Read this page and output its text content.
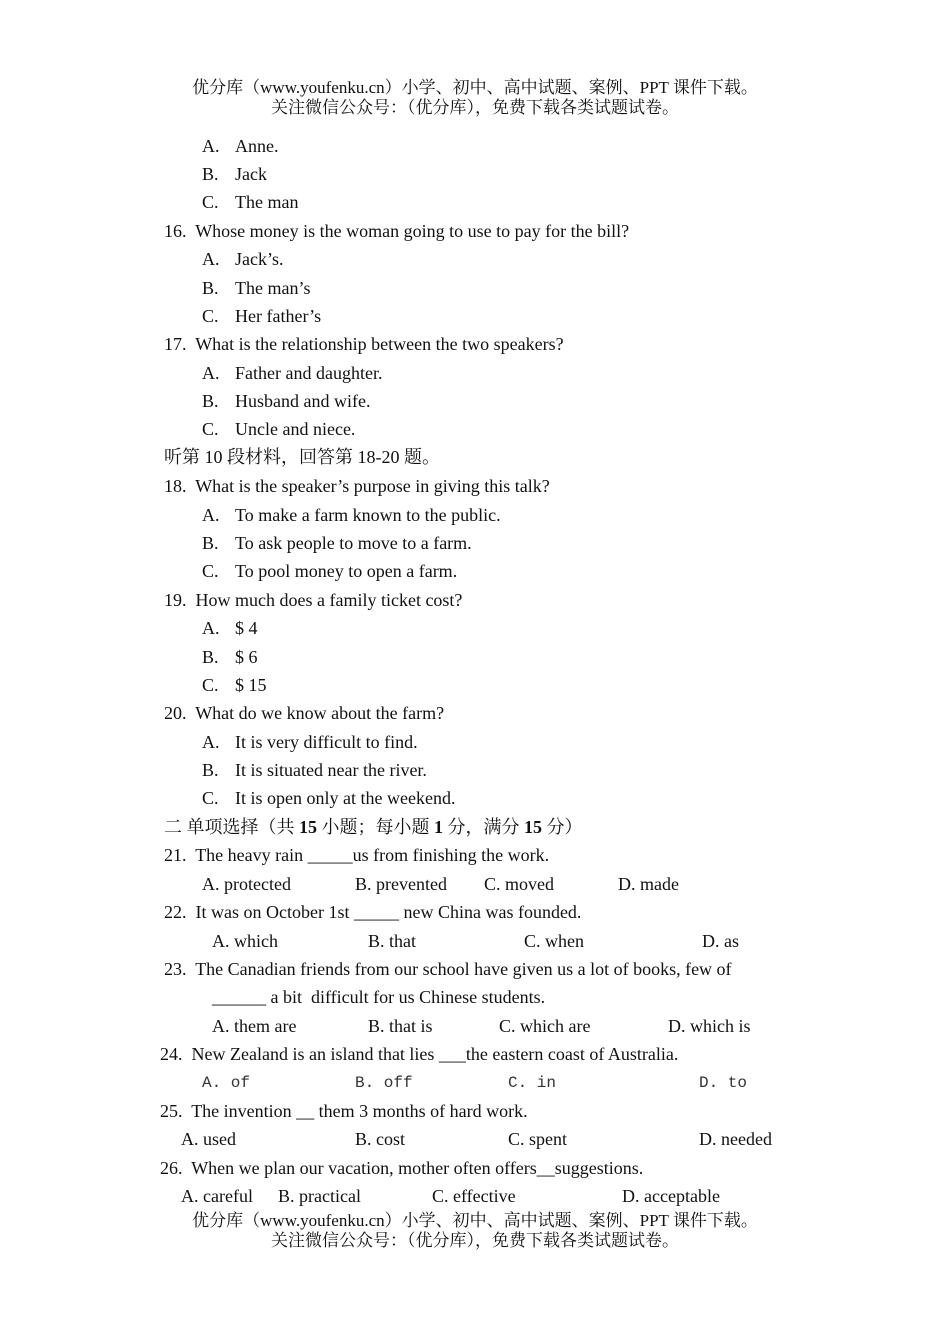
优分库（www.youfenku.cn）小学、初中、高中试题、案例、PPT 课件下载。
关注微信公众号：（优分库），免费下载各类试题试卷。
A. Anne.
B. Jack
C. The man
16. Whose money is the woman going to use to pay for the bill?
A. Jack’s.
B. The man’s
C. Her father’s
17. What is the relationship between the two speakers?
A. Father and daughter.
B. Husband and wife.
C. Uncle and niece.
听第 10 段材料，回答第 18-20 题。
18. What is the speaker’s purpose in giving this talk?
A. To make a farm known to the public.
B. To ask people to move to a farm.
C. To pool money to open a farm.
19. How much does a family ticket cost?
A. $ 4
B. $ 6
C. $ 15
20. What do we know about the farm?
A. It is very difficult to find.
B. It is situated near the river.
C. It is open only at the weekend.
二 单项选择（共 15 小题；每小题 1 分，满分 15 分）
21. The heavy rain _____us from finishing the work.
A. protected	B. prevented C. moved	D. made
22. It was on October 1st _____ new China was founded.
A. which	B. that	C. when	D. as
23. The Canadian friends from our school have given us a lot of books, few of
______ a bit  difficult for us Chinese students.
A. them are	B. that is	C. which are	D. which is
24. New Zealand is an island that lies ___the eastern coast of Australia.
A. of	B. off	C. in	D. to
25. The invention __ them 3 months of hard work.
A. used	B. cost	C. spent	D. needed
26. When we plan our vacation, mother often offers__suggestions.
A. careful B. practical	C. effective	D. acceptable
优分库（www.youfenku.cn）小学、初中、高中试题、案例、PPT 课件下载。
关注微信公众号：（优分库），免费下载各类试题试卷。
